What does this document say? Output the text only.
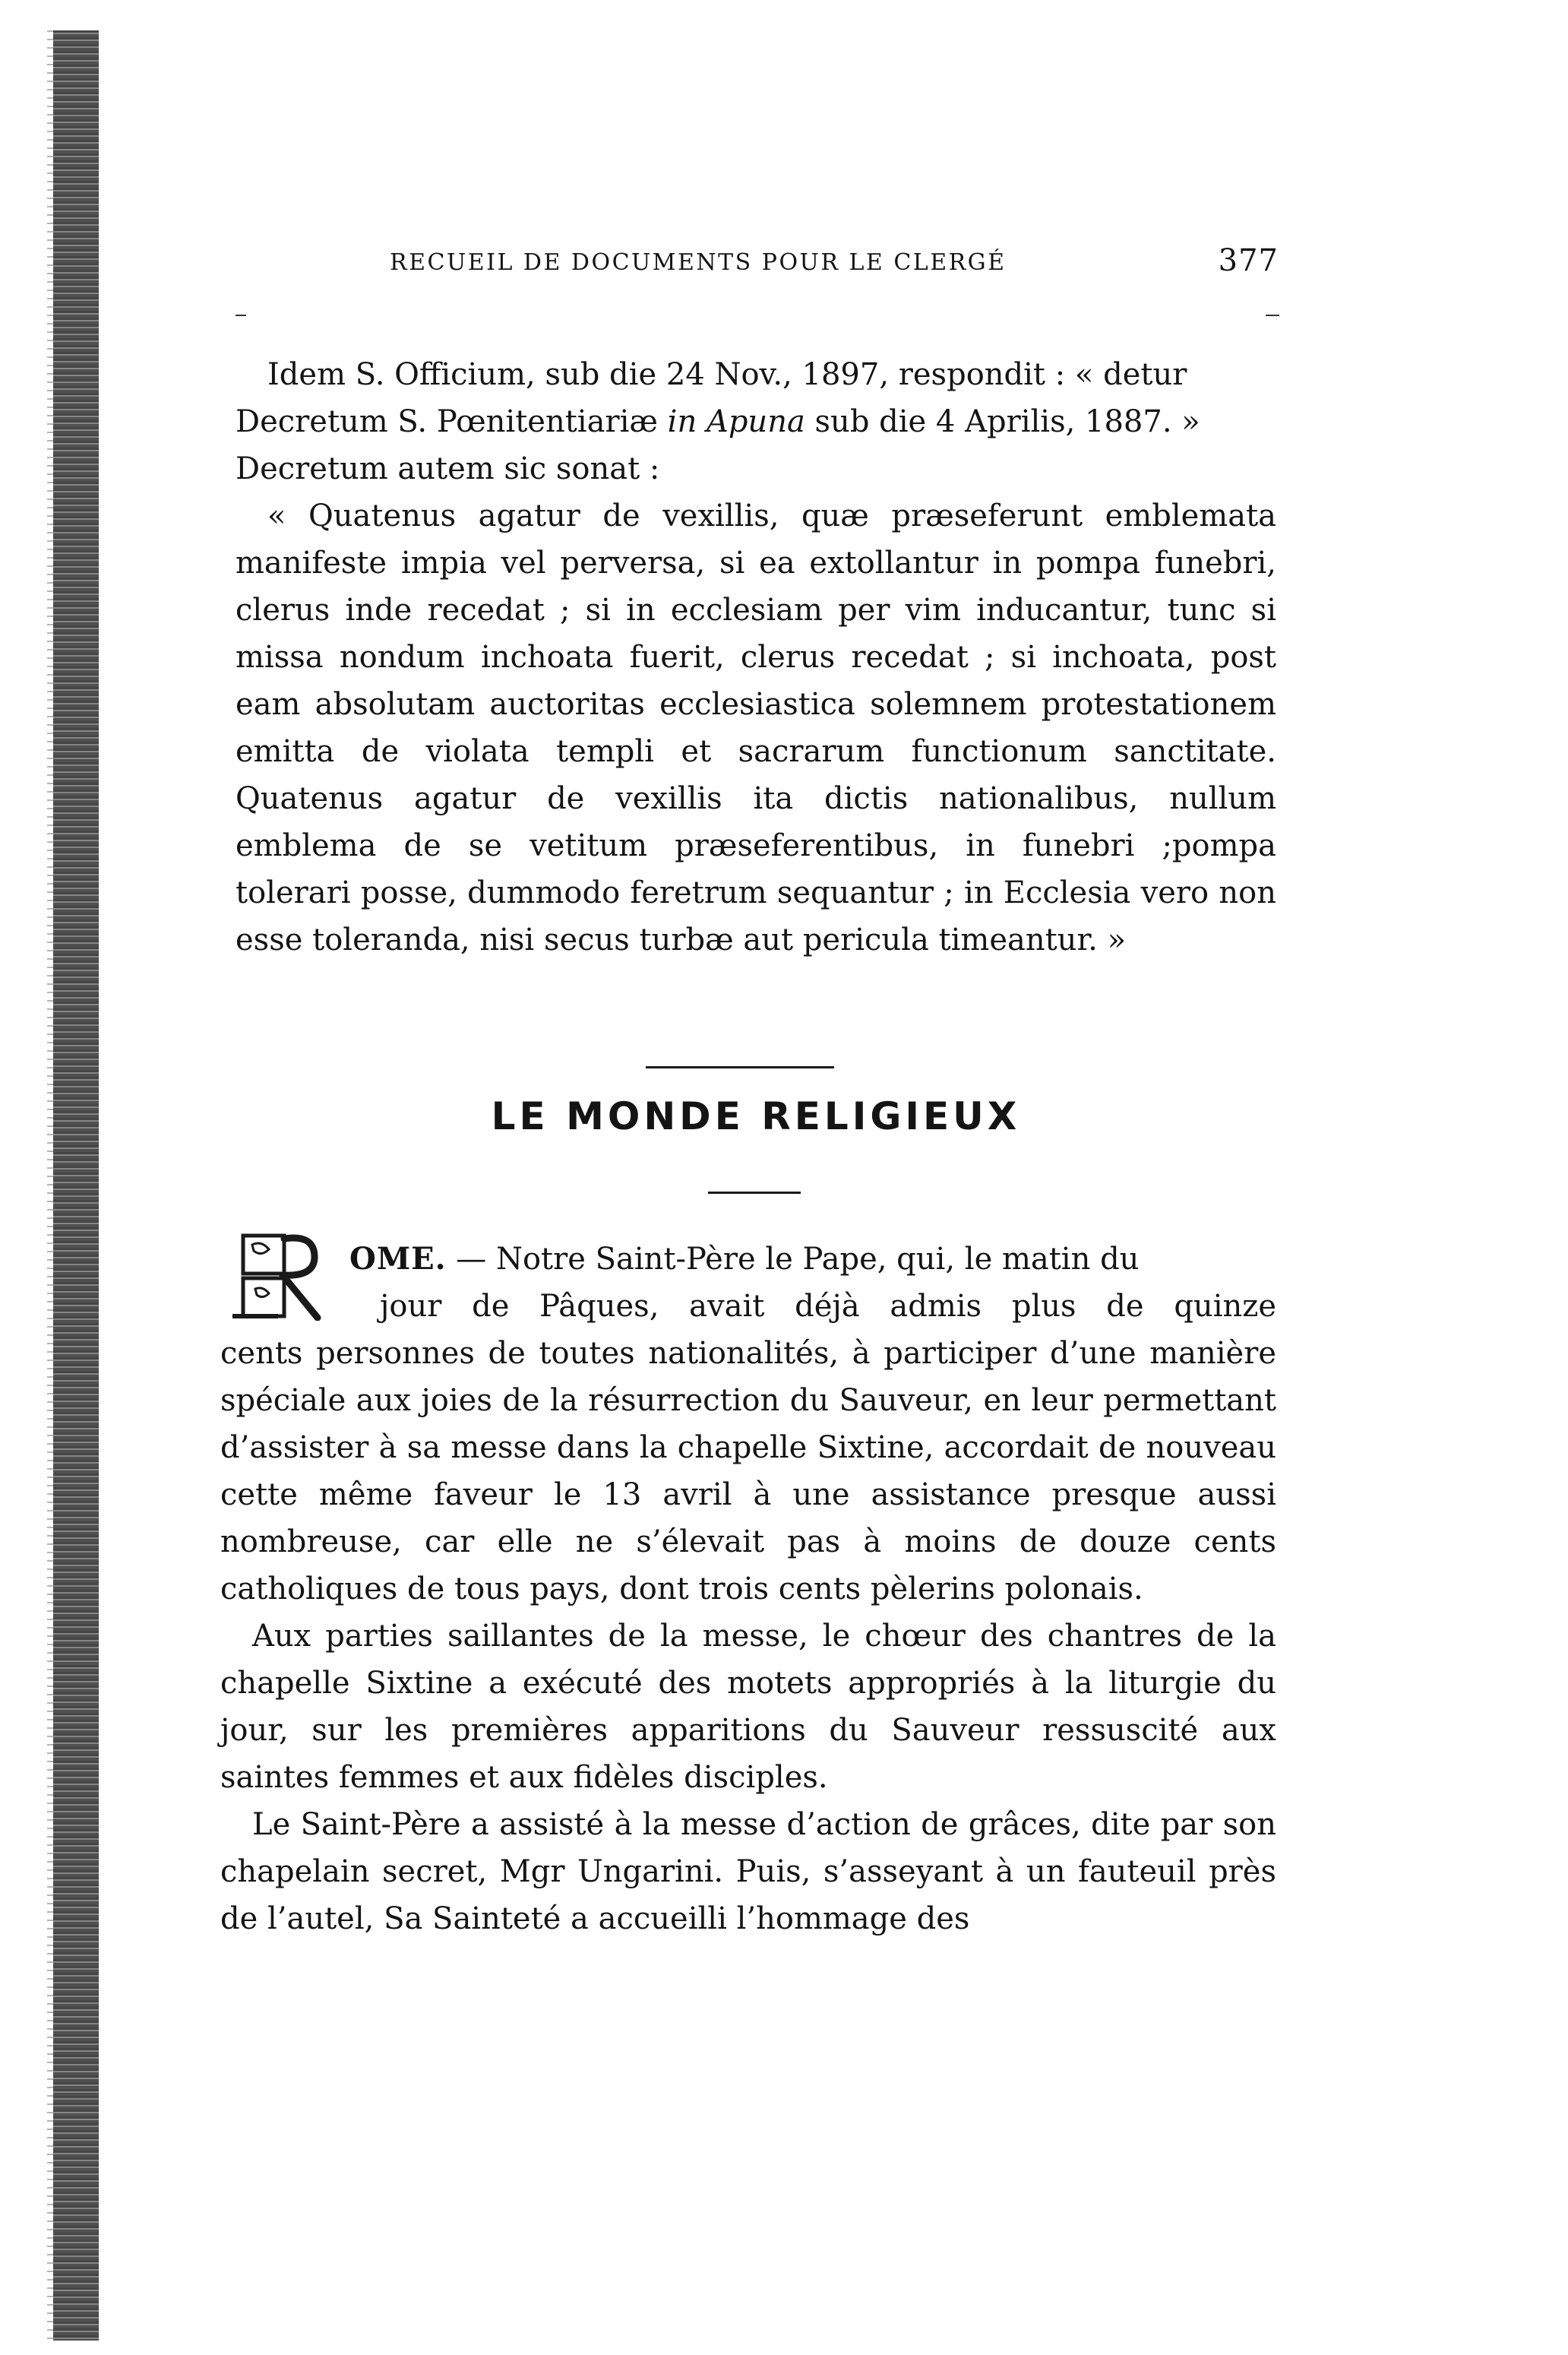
RECUEIL DE DOCUMENTS POUR LE CLERGÉ	377

Idem S. Officium, sub die 24 Nov., 1897, respondit : « detur

Decretum S. Pœnitentiariæ in Apuna sub die 4 Aprilis, 1887. »

Decretum autem sic sonat :

« Quatenus agatur de vexillis, quæ præseferunt emblemata manifeste impia vel perversa, si ea extollantur in pompa funebri, clerus inde recedat ; si in ecclesiam per vim inducantur, tunc si missa nondum inchoata fuerit, clerus recedat ; si inchoata, post eam absolutam auctoritas ecclesiastica solemnem protestationem emitta de violata templi et sacrarum functionum sanctitate. Quatenus agatur de vexillis ita dictis nationalibus, nullum emblema de se vetitum præseferentibus, in funebri ;pompa tolerari posse, dummodo feretrum sequantur ; in Ecclesia vero non esse toleranda, nisi secus turbæ aut pericula timeantur. »

LE MONDE RELIGIEUX
R
OME. — Notre Saint-Père le Pape, qui, le matin du
jour de Pâques, avait déjà admis plus de quinze

cents personnes de toutes nationalités, à participer d’une manière spéciale aux joies de la résurrection du Sauveur, en leur permettant d’assister à sa messe dans la chapelle Sixtine, accordait de nouveau cette même faveur le 13 avril à une assistance presque aussi nombreuse, car elle ne s’élevait pas à moins de douze cents catholiques de tous pays, dont trois cents pèlerins polonais.

Aux parties saillantes de la messe, le chœur des chantres de la chapelle Sixtine a exécuté des motets appropriés à la liturgie du jour, sur les premières apparitions du Sauveur ressuscité aux saintes femmes et aux fidèles disciples.

Le Saint-Père a assisté à la messe d’action de grâces, dite par son chapelain secret, Mgr Ungarini. Puis, s’asseyant à un fauteuil près de l’autel, Sa Sainteté a accueilli l’hommage des
